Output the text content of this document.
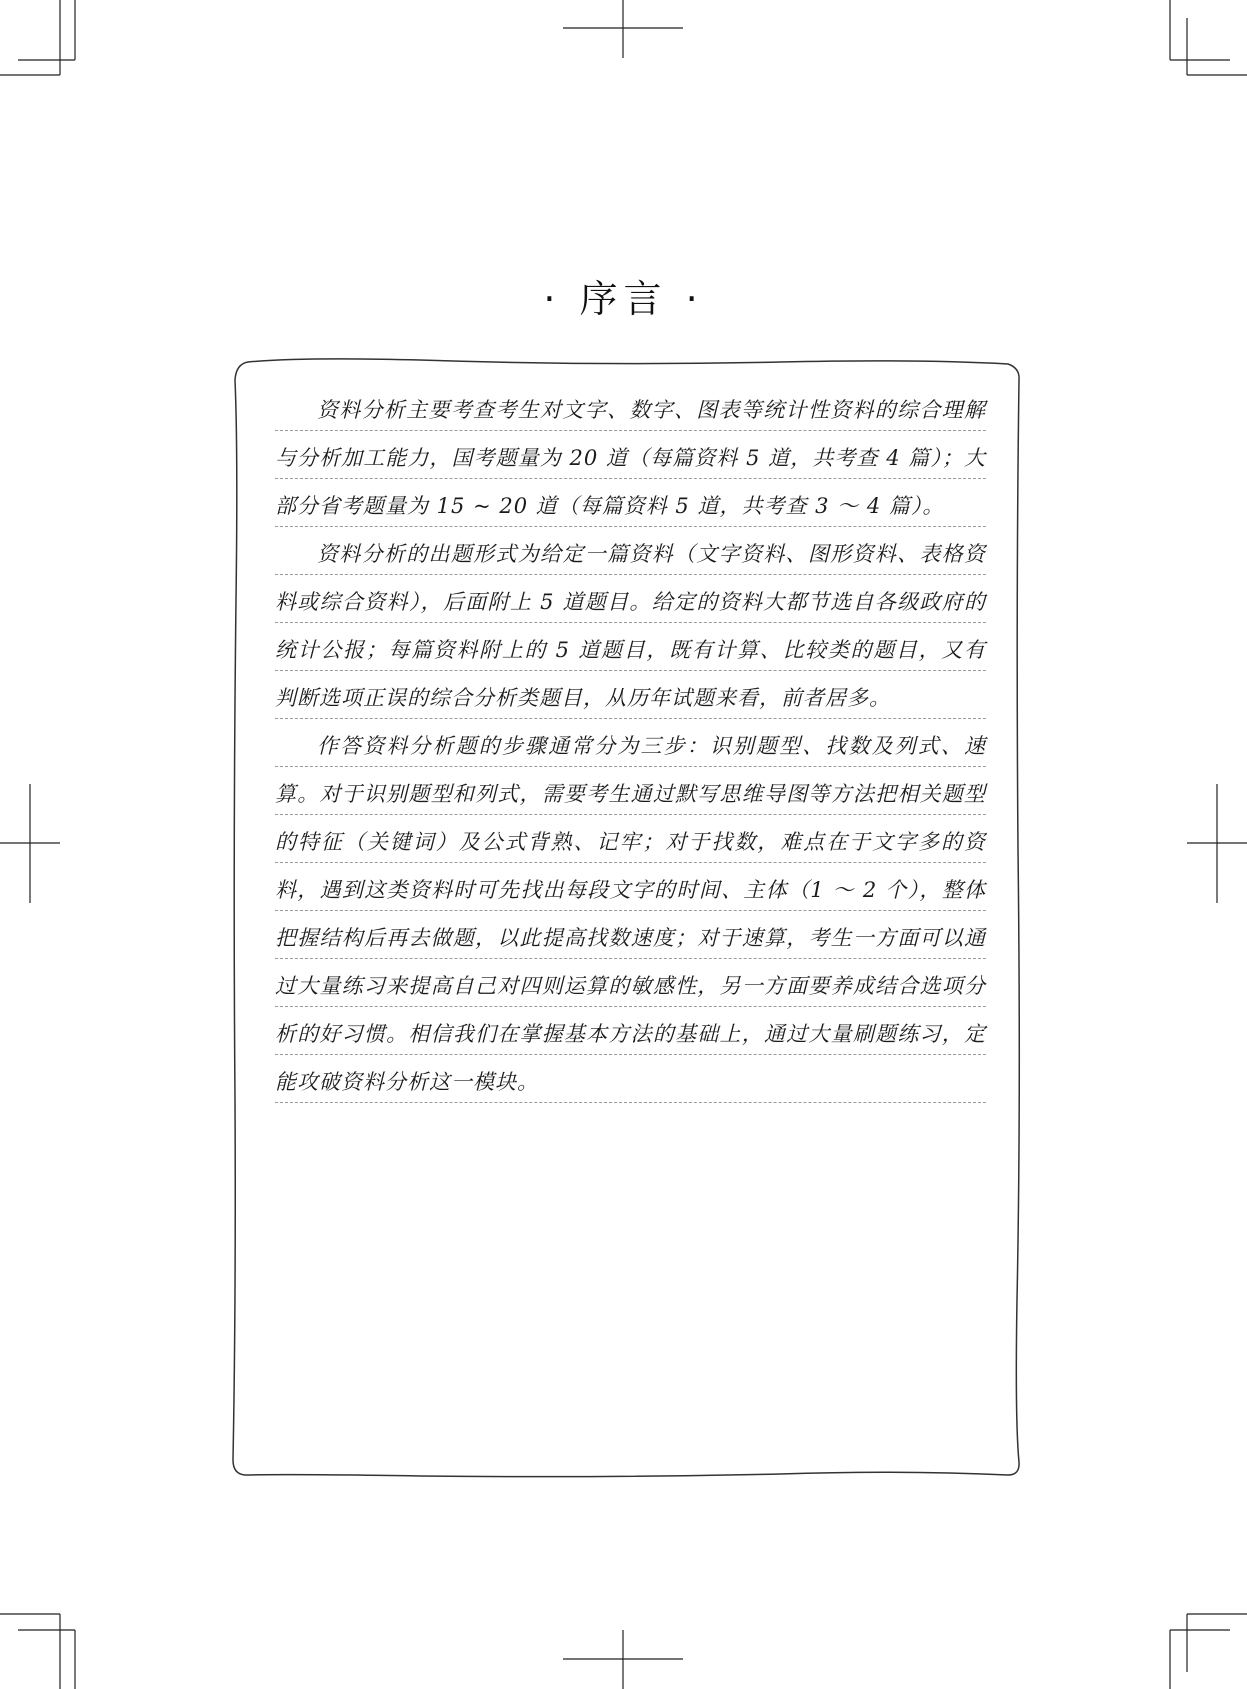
· 序言 ·

资料分析主要考查考生对文字、数字、图表等统计性资料的综合理解与分析加工能力，国考题量为 20 道（每篇资料 5 道，共考查 4 篇）；大部分省考题量为 15 ~ 20 道（每篇资料 5 道，共考查 3 ～ 4 篇）。

资料分析的出题形式为给定一篇资料（文字资料、图形资料、表格资料或综合资料），后面附上 5 道题目。给定的资料大都节选自各级政府的统计公报；每篇资料附上的 5 道题目，既有计算、比较类的题目，又有判断选项正误的综合分析类题目，从历年试题来看，前者居多。

作答资料分析题的步骤通常分为三步：识别题型、找数及列式、速算。对于识别题型和列式，需要考生通过默写思维导图等方法把相关题型的特征（关键词）及公式背熟、记牢；对于找数，难点在于文字多的资料，遇到这类资料时可先找出每段文字的时间、主体（1 ～ 2 个），整体把握结构后再去做题，以此提高找数速度；对于速算，考生一方面可以通过大量练习来提高自己对四则运算的敏感性，另一方面要养成结合选项分析的好习惯。相信我们在掌握基本方法的基础上，通过大量刷题练习，定能攻破资料分析这一模块。
